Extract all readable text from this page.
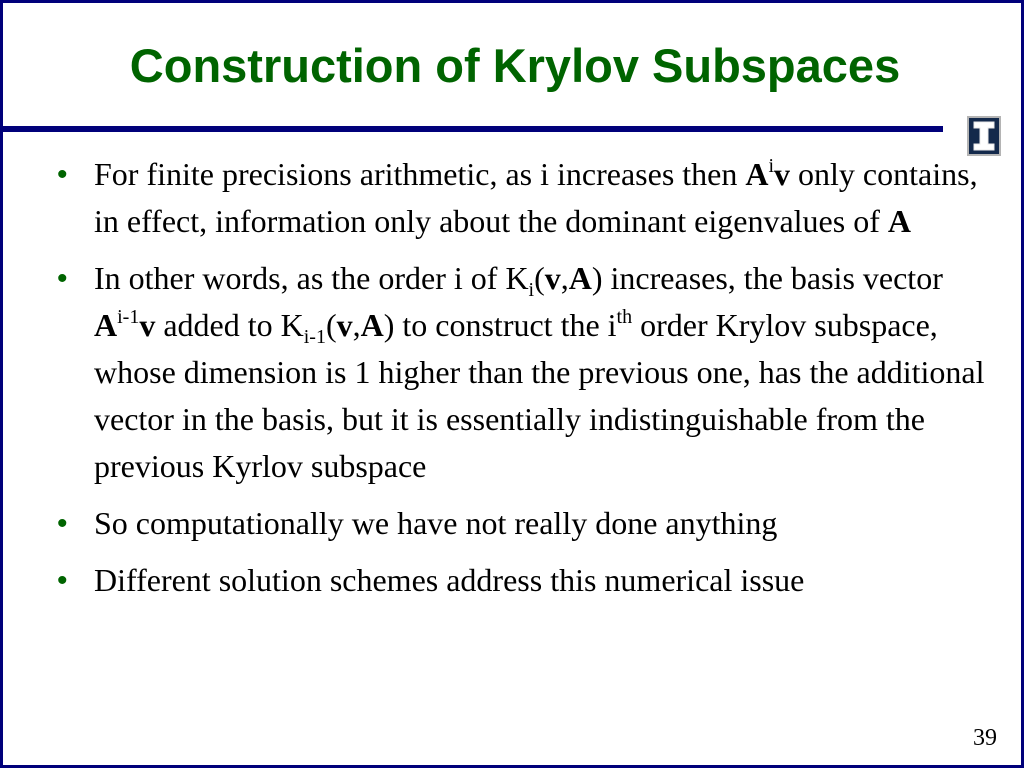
Construction of Krylov Subspaces
• For finite precisions arithmetic, as i increases then $A^iv$ only contains, in effect, information only about the dominant eigenvalues of A
• In other words, as the order i of $K_i(v,A)$ increases, the basis vector $A^{i-1}v$ added to $K_{i-1}(v,A)$ to construct the $i^{th}$ order Krylov subspace, whose dimension is 1 higher than the previous one, has the additional vector in the basis, but it is essentially indistinguishable from the previous Kyrlov subspace
• So computationally we have not really done anything
• Different solution schemes address this numerical issue
39
